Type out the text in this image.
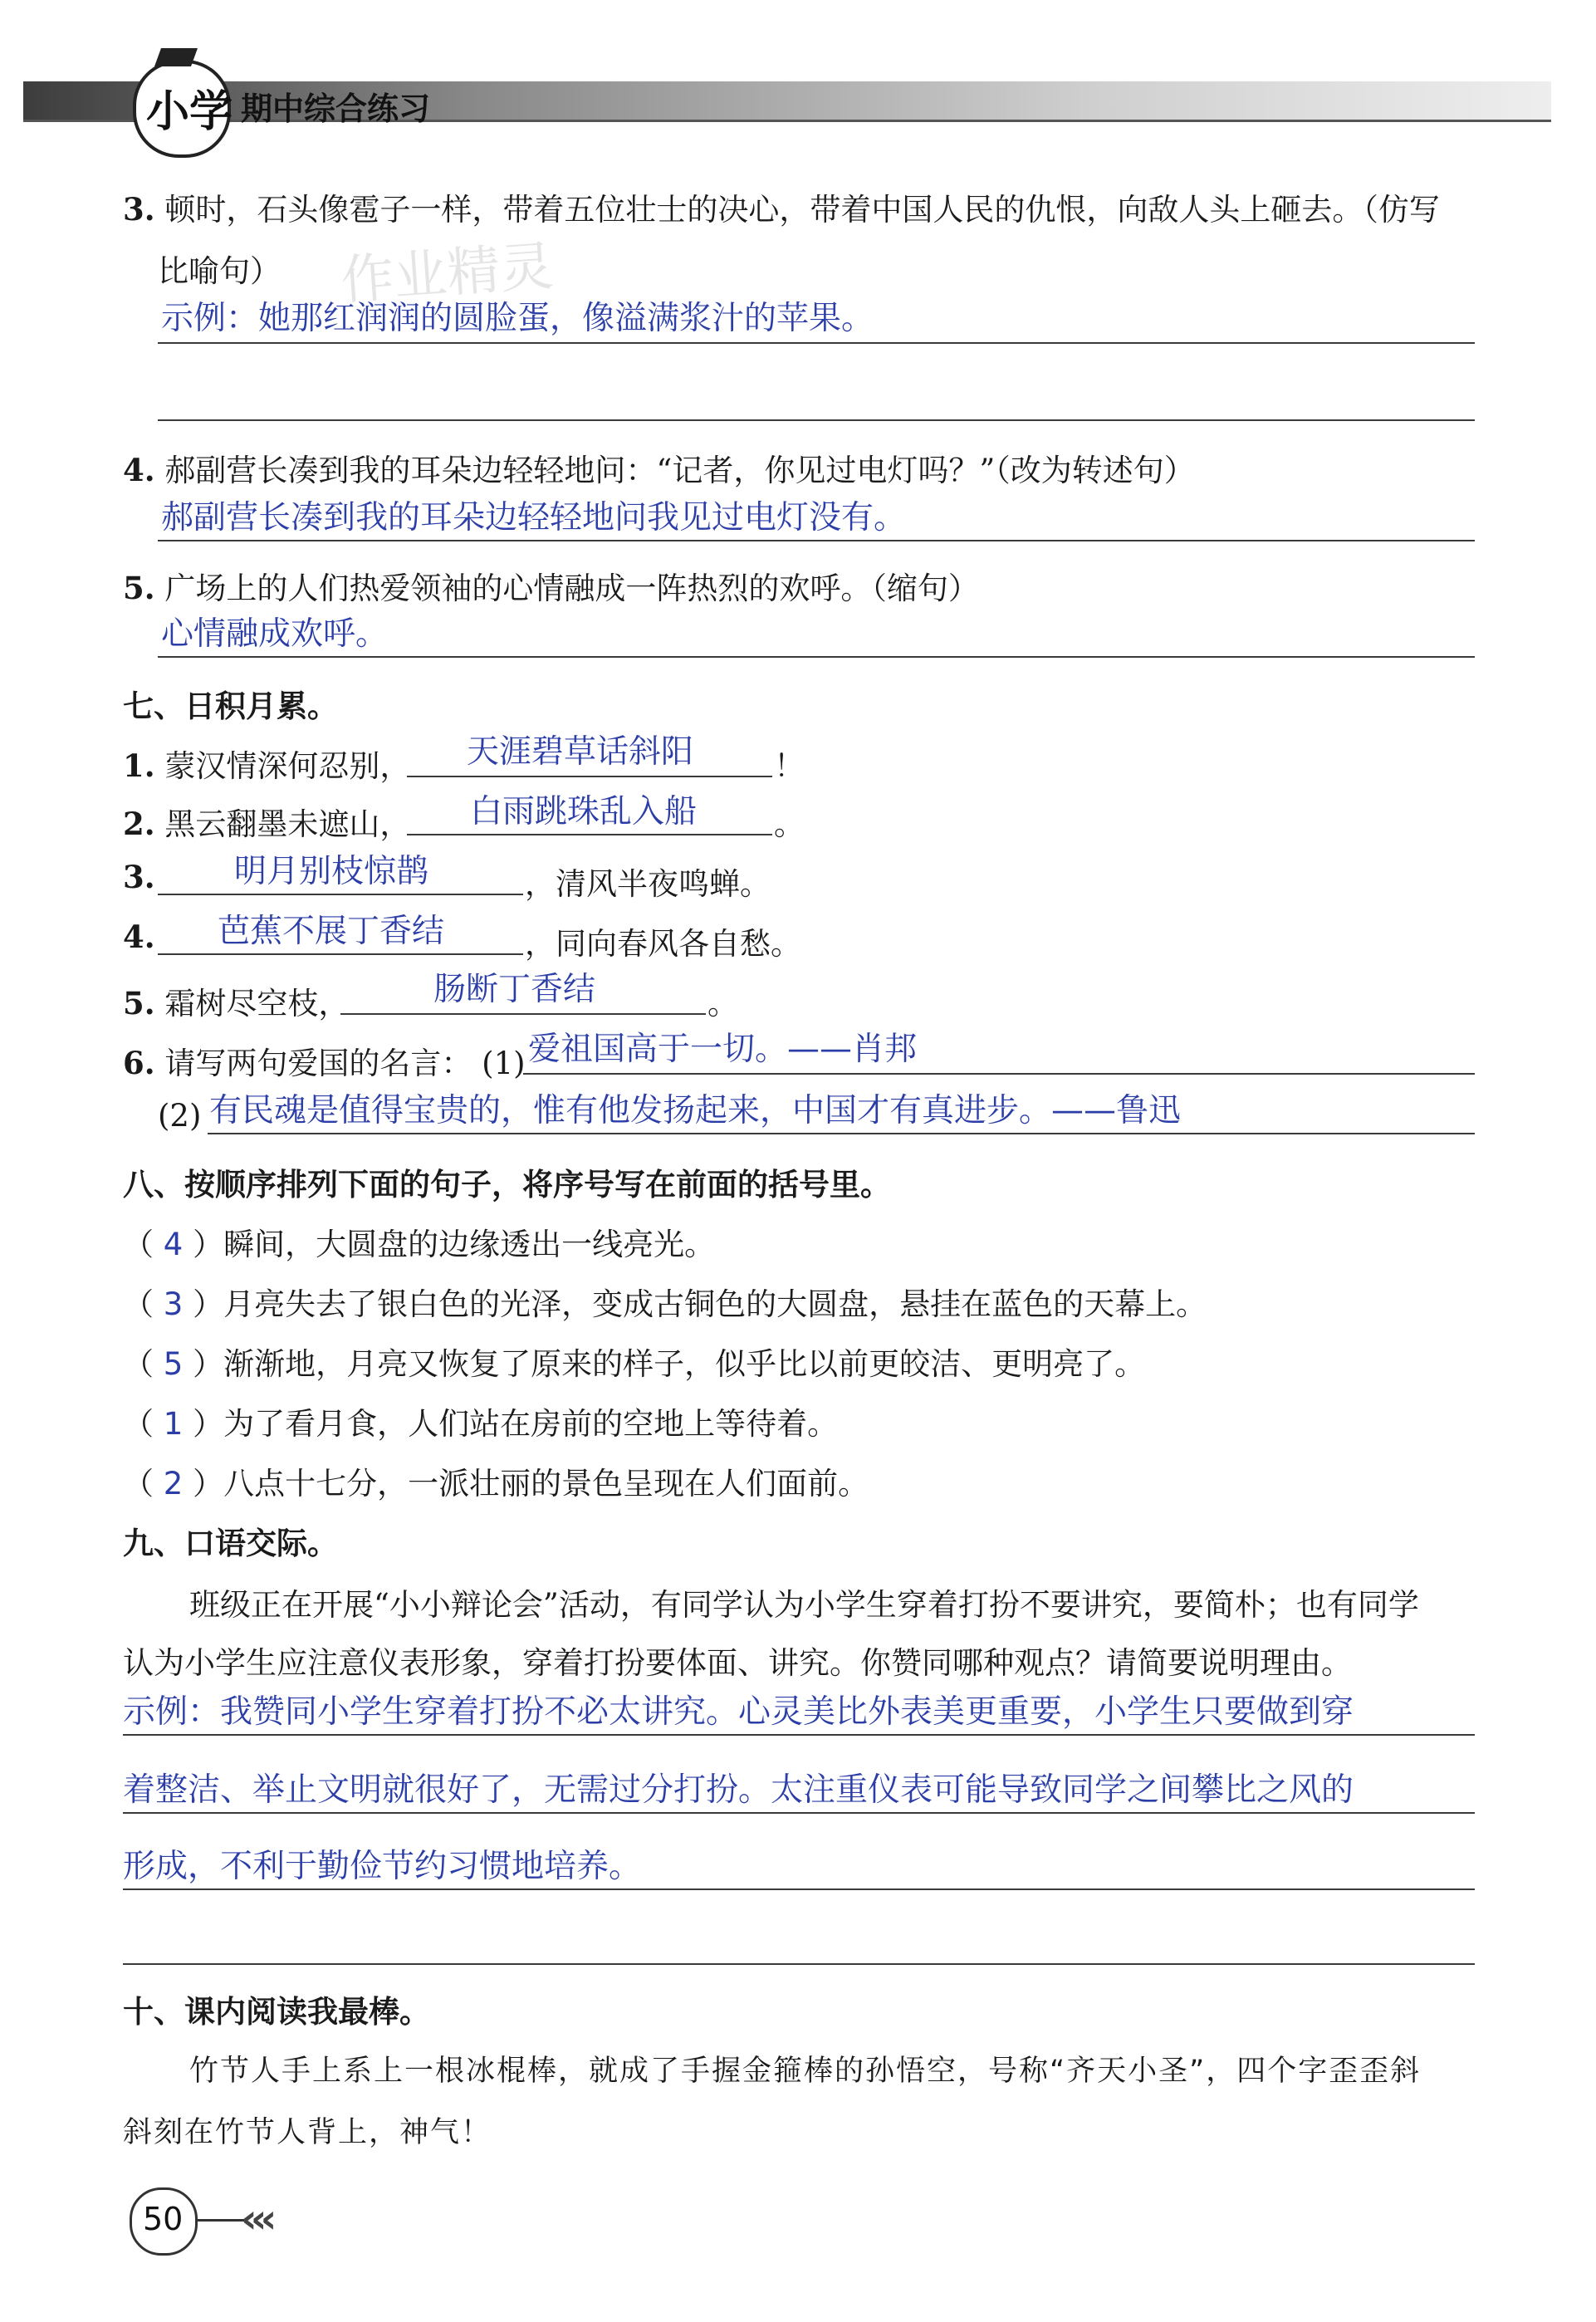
小学 期中综合练习
作业精灵
3. 顿时，石头像雹子一样，带着五位壮士的决心，带着中国人民的仇恨，向敌人头上砸去。（仿写
比喻句）
示例：她那红润润的圆脸蛋，像溢满浆汁的苹果。
4. 郝副营长凑到我的耳朵边轻轻地问：“记者，你见过电灯吗？”（改为转述句）
郝副营长凑到我的耳朵边轻轻地问我见过电灯没有。
5. 广场上的人们热爱领袖的心情融成一阵热烈的欢呼。（缩句）
心情融成欢呼。
七、日积月累。
1. 蒙汉情深何忍别， 天涯碧草话斜阳	！
2. 黑云翻墨未遮山， 白雨跳珠乱入船	。
3. 明月别枝惊鹊	，清风半夜鸣蝉。
4. 芭蕉不展丁香结	，同向春风各自愁。
5. 霜树尽空枝，	肠断丁香结	。
6. 请写两句爱国的名言： (1) 爱祖国高于一切。——肖邦
(2) 有民魂是值得宝贵的，惟有他发扬起来，中国才有真进步。——鲁迅
八、按顺序排列下面的句子，将序号写在前面的括号里。
（ 4 ）瞬间，大圆盘的边缘透出一线亮光。
（ 3 ）月亮失去了银白色的光泽，变成古铜色的大圆盘，悬挂在蓝色的天幕上。
（ 5 ）渐渐地，月亮又恢复了原来的样子，似乎比以前更皎洁、更明亮了。
（ 1 ）为了看月食，人们站在房前的空地上等待着。
（ 2 ）八点十七分，一派壮丽的景色呈现在人们面前。
九、口语交际。
班级正在开展“小小辩论会”活动，有同学认为小学生穿着打扮不要讲究，要简朴；也有同学
认为小学生应注意仪表形象，穿着打扮要体面、讲究。你赞同哪种观点？请简要说明理由。
示例：我赞同小学生穿着打扮不必太讲究。心灵美比外表美更重要，小学生只要做到穿
着整洁、举止文明就很好了，无需过分打扮。太注重仪表可能导致同学之间攀比之风的
形成，不利于勤俭节约习惯地培养。
十、课内阅读我最棒。
竹节人手上系上一根冰棍棒，就成了手握金箍棒的孙悟空，号称“齐天小圣”，四个字歪歪斜
斜刻在竹节人背上，神气！
50 ‹‹‹
